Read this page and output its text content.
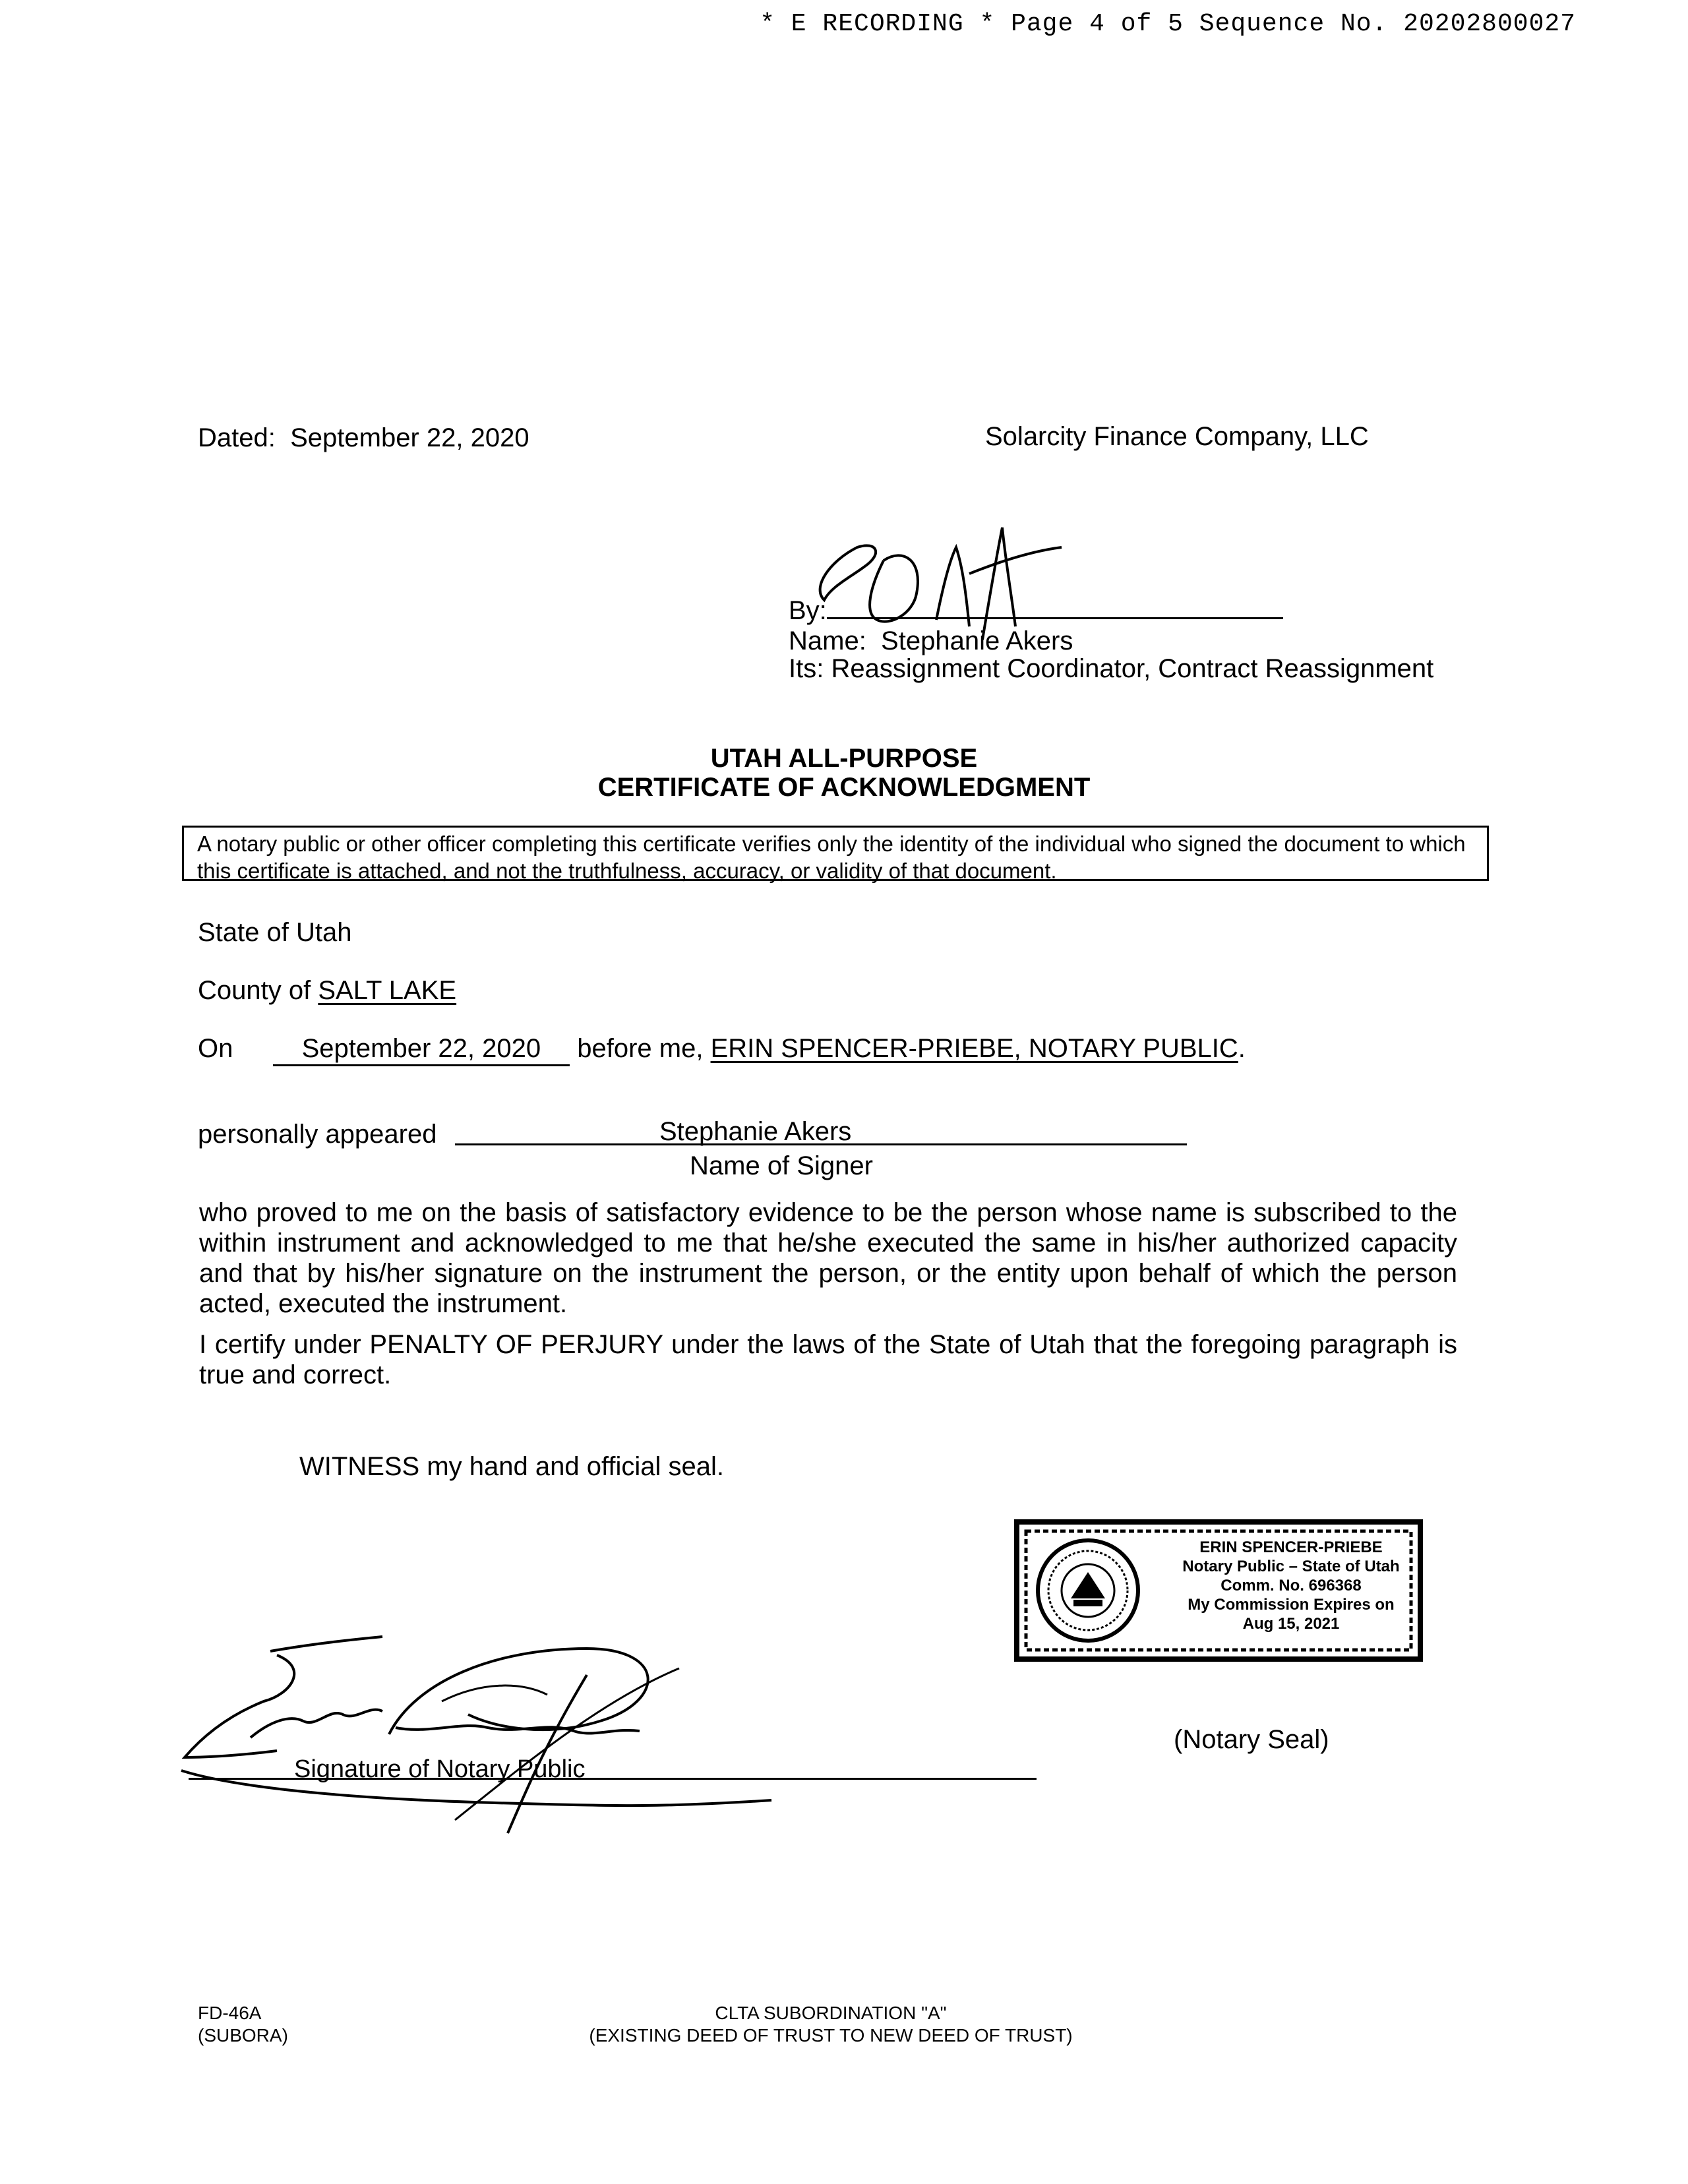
* E RECORDING * Page 4 of 5 Sequence No. 20202800027
Dated: September 22, 2020	Solarcity Finance Company, LLC
By:
Name: Stephanie Akers
Its: Reassignment Coordinator, Contract Reassignment
UTAH ALL-PURPOSE
CERTIFICATE OF ACKNOWLEDGMENT
A notary public or other officer completing this certificate verifies only the identity of the individual who signed the document to which this certificate is attached, and not the truthfulness, accuracy, or validity of that document.
State of Utah
County of SALT LAKE
On	September 22, 2020 before me, ERIN SPENCER-PRIEBE, NOTARY PUBLIC.
personally appeared	Stephanie Akers
Name of Signer
who proved to me on the basis of satisfactory evidence to be the person whose name is subscribed to the within instrument and acknowledged to me that he/she executed the same in his/her authorized capacity and that by his/her signature on the instrument the person, or the entity upon behalf of which the person acted, executed the instrument.
I certify under PENALTY OF PERJURY under the laws of the State of Utah that the foregoing paragraph is true and correct.
WITNESS my hand and official seal.
ERIN SPENCER-PRIEBE
Notary Public – State of Utah
Comm. No. 696368
My Commission Expires on
Aug 15, 2021
Signature of Notary Public
(Notary Seal)
FD-46A
(SUBORA)
CLTA SUBORDINATION "A"
(EXISTING DEED OF TRUST TO NEW DEED OF TRUST)
